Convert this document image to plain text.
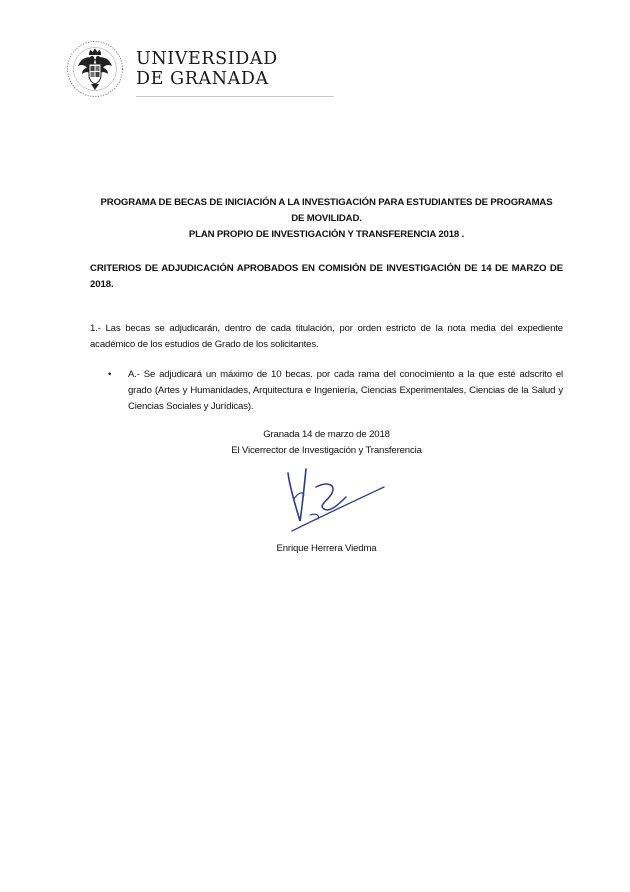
UNIVERSIDAD
DE GRANADA
PROGRAMA DE BECAS DE INICIACIÓN A LA INVESTIGACIÓN PARA ESTUDIANTES DE PROGRAMAS
DE MOVILIDAD.
PLAN PROPIO DE INVESTIGACIÓN Y TRANSFERENCIA 2018 .
CRITERIOS DE ADJUDICACIÓN APROBADOS EN COMISIÓN DE INVESTIGACIÓN DE 14 DE MARZO DE 2018.
1.- Las becas se adjudicarán, dentro de cada titulación, por orden estricto de la nota media del expediente académico de los estudios de Grado de los solicitantes.
• A.- Se adjudicará un máximo de 10 becas. por cada rama del conocimiento a la que esté adscrito el grado (Artes y Humanidades, Arquitectura e Ingeniería, Ciencias Experimentales, Ciencias de la Salud y Ciencias Sociales y Jurídicas).
Granada 14 de marzo de 2018
El Vicerrector de Investigación y Transferencia
Enrique Herrera Viedma
